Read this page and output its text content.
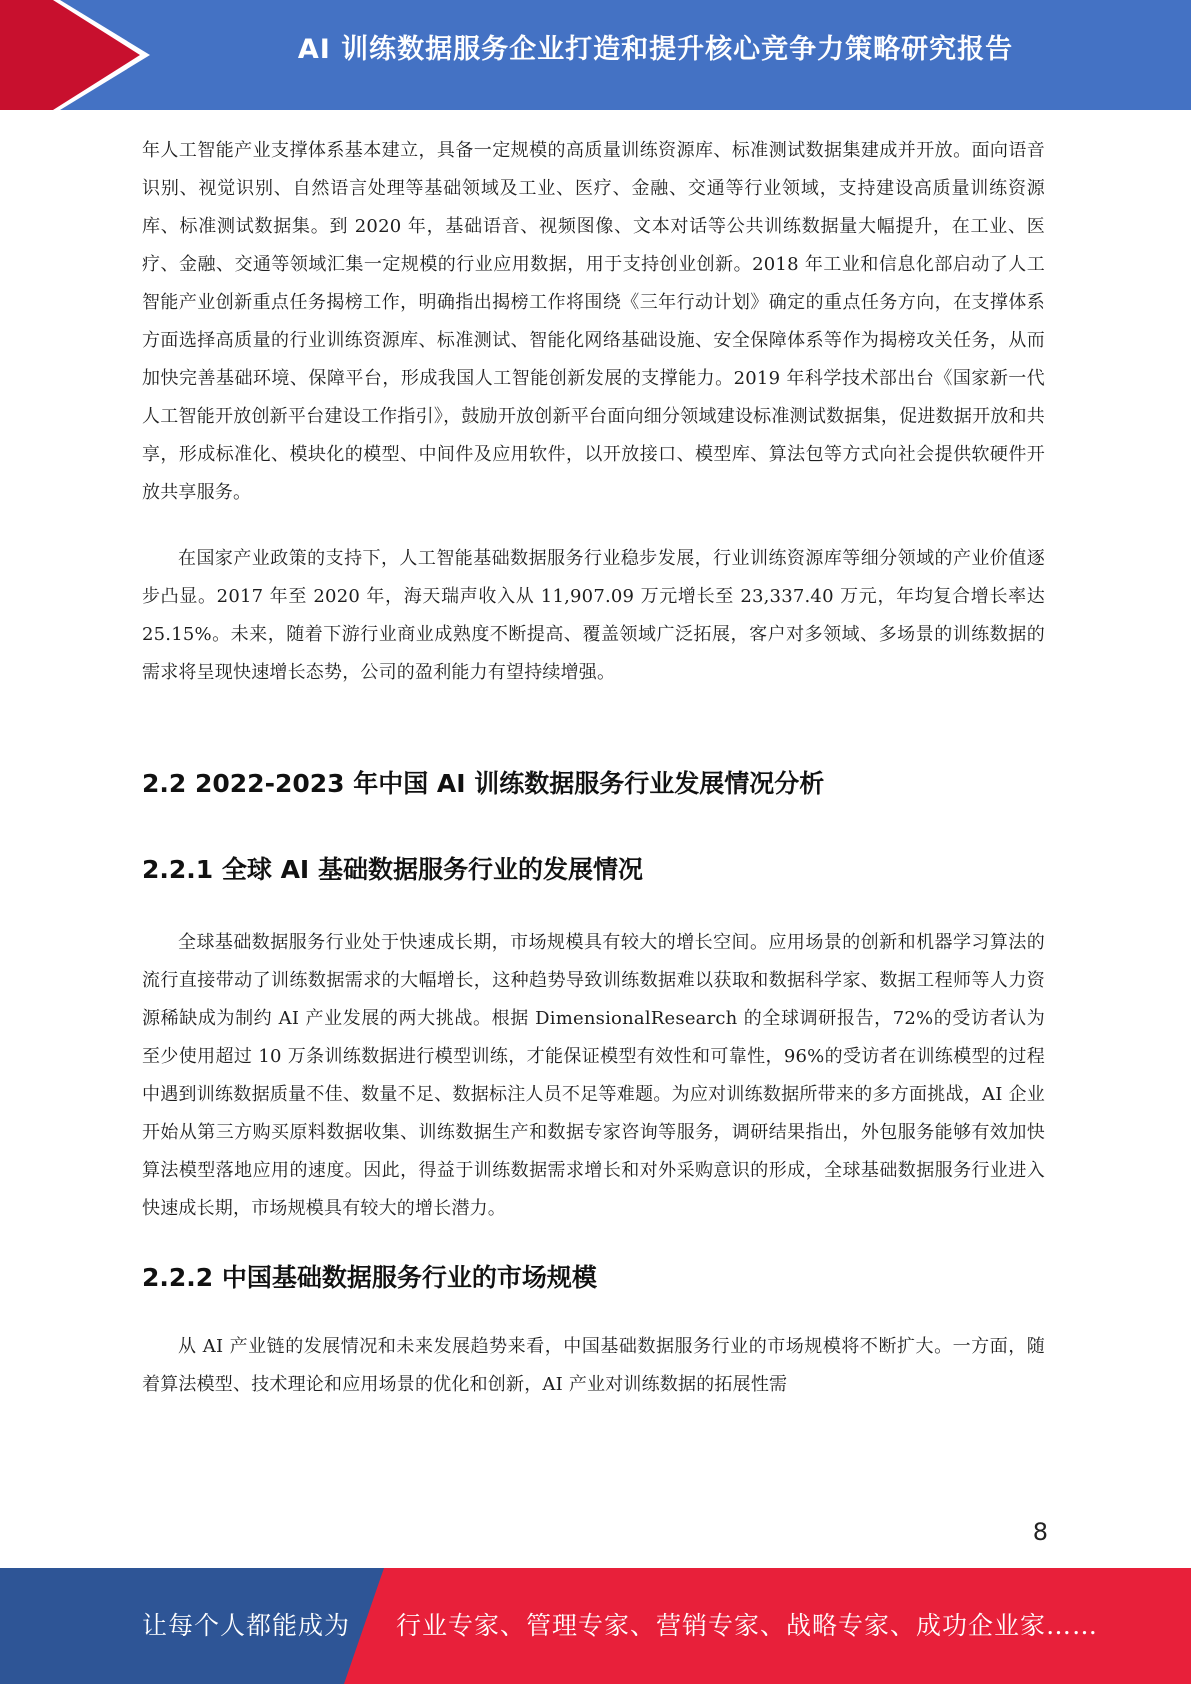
AI 训练数据服务企业打造和提升核心竞争力策略研究报告

年人工智能产业支撑体系基本建立，具备一定规模的高质量训练资源库、标准测试数据集建成并开放。面向语音识别、视觉识别、自然语言处理等基础领域及工业、医疗、金融、交通等行业领域，支持建设高质量训练资源库、标准测试数据集。到 2020 年，基础语音、视频图像、文本对话等公共训练数据量大幅提升，在工业、医疗、金融、交通等领域汇集一定规模的行业应用数据，用于支持创业创新。2018 年工业和信息化部启动了人工智能产业创新重点任务揭榜工作，明确指出揭榜工作将围绕《三年行动计划》确定的重点任务方向，在支撑体系方面选择高质量的行业训练资源库、标准测试、智能化网络基础设施、安全保障体系等作为揭榜攻关任务，从而加快完善基础环境、保障平台，形成我国人工智能创新发展的支撑能力。2019 年科学技术部出台《国家新一代人工智能开放创新平台建设工作指引》，鼓励开放创新平台面向细分领域建设标准测试数据集，促进数据开放和共享，形成标准化、模块化的模型、中间件及应用软件，以开放接口、模型库、算法包等方式向社会提供软硬件开放共享服务。

在国家产业政策的支持下，人工智能基础数据服务行业稳步发展，行业训练资源库等细分领域的产业价值逐步凸显。2017 年至 2020 年，海天瑞声收入从 11,907.09 万元增长至 23,337.40 万元，年均复合增长率达 25.15%。未来，随着下游行业商业成熟度不断提高、覆盖领域广泛拓展，客户对多领域、多场景的训练数据的需求将呈现快速增长态势，公司的盈利能力有望持续增强。

2.2 2022-2023 年中国 AI 训练数据服务行业发展情况分析
2.2.1 全球 AI 基础数据服务行业的发展情况

全球基础数据服务行业处于快速成长期，市场规模具有较大的增长空间。应用场景的创新和机器学习算法的流行直接带动了训练数据需求的大幅增长，这种趋势导致训练数据难以获取和数据科学家、数据工程师等人力资源稀缺成为制约 AI 产业发展的两大挑战。根据 DimensionalResearch 的全球调研报告，72%的受访者认为至少使用超过 10 万条训练数据进行模型训练，才能保证模型有效性和可靠性，96%的受访者在训练模型的过程中遇到训练数据质量不佳、数量不足、数据标注人员不足等难题。为应对训练数据所带来的多方面挑战，AI 企业开始从第三方购买原料数据收集、训练数据生产和数据专家咨询等服务，调研结果指出，外包服务能够有效加快算法模型落地应用的速度。因此，得益于训练数据需求增长和对外采购意识的形成，全球基础数据服务行业进入快速成长期，市场规模具有较大的增长潜力。

2.2.2 中国基础数据服务行业的市场规模

从 AI 产业链的发展情况和未来发展趋势来看，中国基础数据服务行业的市场规模将不断扩大。一方面，随着算法模型、技术理论和应用场景的优化和创新，AI 产业对训练数据的拓展性需

8
让每个人都能成为 行业专家、管理专家、营销专家、战略专家、成功企业家……
